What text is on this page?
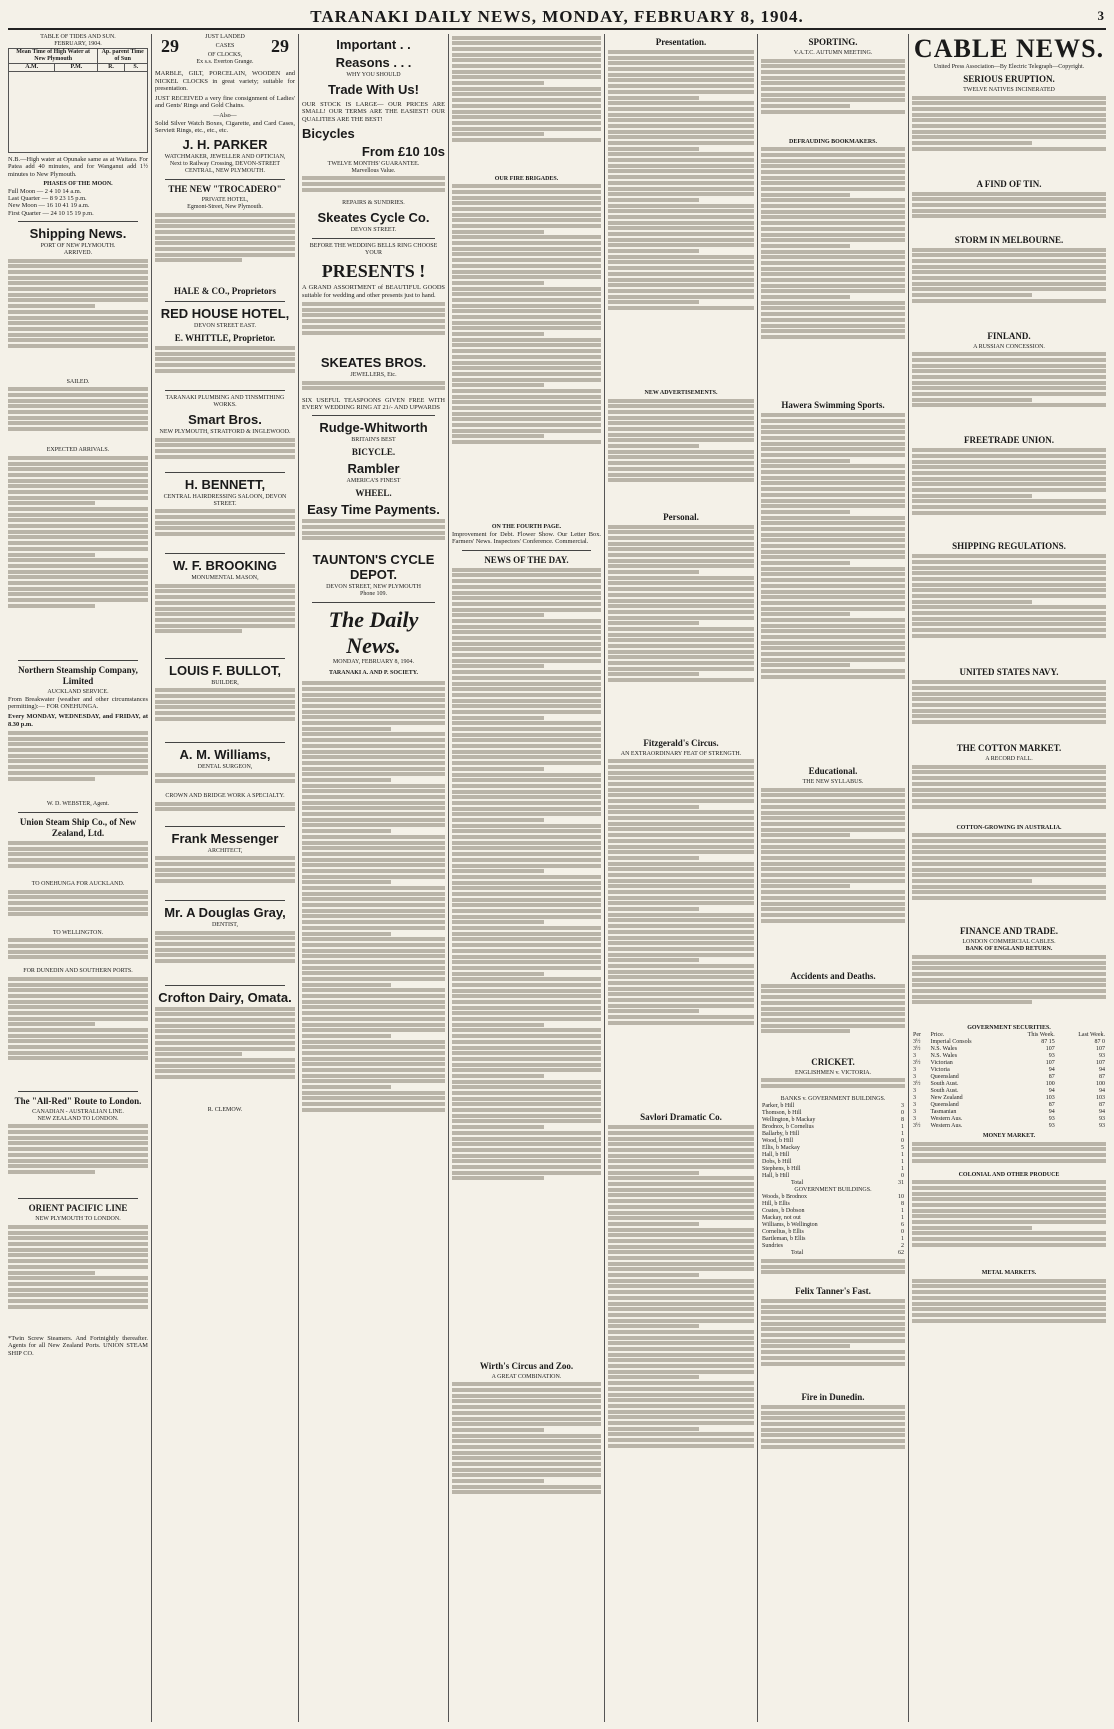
TARANAKI DAILY NEWS, MONDAY, FEBRUARY 8, 1904.	3
TABLE OF TIDES AND SUN.
FEBRUARY, 1904.
Mean Time of High Water at New Plymouth		Ap. parent Time of Sun	
A.M.	P.M.	R.	S.

N.B.—High water at Opunake same as at Waitara. For Patea add 40 minutes, and for Wanganui add 1½ minutes to New Plymouth.
PHASES OF THE MOON.
Full Moon — 2 4 10 14 a.m.
Last Quarter — 8 9 23 15 p.m.
New Moon — 16 10 41 19 a.m.
First Quarter — 24 10 15 19 p.m.
Shipping News.
PORT OF NEW PLYMOUTH.
ARRIVED.
SAILED.
EXPECTED ARRIVALS.
Northern Steamship Company, Limited
AUCKLAND SERVICE.
From Breakwater (weather and other circumstances permitting):— FOR ONEHUNGA.
Every MONDAY, WEDNESDAY, and FRIDAY, at 8.30 p.m.
W. D. WEBSTER, Agent.
Union Steam Ship Co., of New Zealand, Ltd.
TO ONEHUNGA FOR AUCKLAND.
TO WELLINGTON.
FOR DUNEDIN AND SOUTHERN PORTS.
The "All-Red" Route to London.
CANADIAN - AUSTRALIAN LINE.
NEW ZEALAND TO LONDON.
ORIENT PACIFIC LINE
NEW PLYMOUTH TO LONDON.
*Twin Screw Steamers. And Fortnightly thereafter. Agents for all New Zealand Ports. UNION STEAM SHIP CO.
JUST LANDED
29	CASES 29
OF CLOCKS,
Ex s.s. Everton Grange.
MARBLE, GILT, PORCELAIN, WOODEN and NICKEL CLOCKS in great variety; suitable for presentation.
JUST RECEIVED a very fine consignment of Ladies' and Gents' Rings and Gold Chains.
—Also—
Solid Silver Watch Boxes, Cigarette, and Card Cases, Serviett Rings, etc., etc., etc.
J. H. PARKER
WATCHMAKER, JEWELLER AND OPTICIAN,
Next to Railway Crossing, DEVON-STREET CENTRAL, NEW PLYMOUTH.
THE NEW "TROCADERO"
PRIVATE HOTEL,
Egmont-Street, New Plymouth.
HALE & CO., Proprietors
RED HOUSE HOTEL,
DEVON STREET EAST.
E. WHITTLE, Proprietor.
TARANAKI PLUMBING AND TINSMITHING WORKS.
Smart Bros.
NEW PLYMOUTH, STRATFORD & INGLEWOOD.
H. BENNETT,
CENTRAL HAIRDRESSING SALOON, DEVON STREET.
W. F. BROOKING
MONUMENTAL MASON,
LOUIS F. BULLOT,
BUILDER,
A. M. Williams,
DENTAL SURGEON,
CROWN AND BRIDGE WORK A SPECIALTY.
Frank Messenger
ARCHITECT,
Mr. A Douglas Gray,
DENTIST,
Crofton Dairy, Omata.
R. CLEMOW.
Important . .
Reasons . . .
WHY YOU SHOULD
Trade With Us!
OUR STOCK IS LARGE— OUR PRICES ARE SMALL! OUR TERMS ARE THE EASIEST! OUR QUALITIES ARE THE BEST!
Bicycles
From £10 10s
TWELVE MONTHS' GUARANTEE.
Marvellous Value.
REPAIRS & SUNDRIES.
Skeates Cycle Co.
DEVON STREET.
BEFORE THE WEDDING BELLS RING CHOOSE YOUR
PRESENTS !
A GRAND ASSORTMENT of BEAUTIFUL GOODS suitable for wedding and other presents just to hand.
SKEATES BROS.
JEWELLERS, Etc.
SIX USEFUL TEASPOONS GIVEN FREE WITH EVERY WEDDING RING AT 21/- AND UPWARDS
Rudge-Whitworth
BRITAIN'S BEST
BICYCLE.
Rambler
AMERICA'S FINEST
WHEEL.
Easy Time Payments.
TAUNTON'S CYCLE DEPOT.
DEVON STREET, NEW PLYMOUTH
Phone 109.
The Daily News.
MONDAY, FEBRUARY 8, 1904.
TARANAKI A. AND P. SOCIETY.
OUR FIRE BRIGADES.
ON THE FOURTH PAGE.
Improvement for Debt. Flower Show. Our Letter Box. Farmers' News. Inspectors' Conference. Commercial.
NEWS OF THE DAY.
Wirth's Circus and Zoo.
A GREAT COMBINATION.
Presentation.
NEW ADVERTISEMENTS.
Personal.
Fitzgerald's Circus.
AN EXTRAORDINARY FEAT OF STRENGTH.
Savlori Dramatic Co.
SPORTING.
V.A.T.C. AUTUMN MEETING.
DEFRAUDING BOOKMAKERS.
Hawera Swimming Sports.
Educational.
THE NEW SYLLABUS.
Accidents and Deaths.
CRICKET.
ENGLISHMEN v. VICTORIA.
BANKS v. GOVERNMENT BUILDINGS.
Parker, b Hill	3
Thomson, b Hill	0
Wellington, b Mackay	8
Brodnox, b Cornelius	1
Ballarby, b Hill	1
Wood, b Hill	0
Ellis, b Mackay	5
Hall, b Hill	1
Dobs, b Hill	1
Stephens, b Hill	1
Hall, b Hill	0
Total	31
GOVERNMENT BUILDINGS.
Woods, b Brodnox	10
Hill, b Ellis	8
Coates, b Dobson	1
Mackay, not out	1
Williams, b Wellington	6
Cornelius, b Ellis	0
Bartleman, b Ellis	1
Sundries	2
Total	62
Felix Tanner's Fast.
Fire in Dunedin.
CABLE NEWS.
United Press Association—By Electric Telegraph—Copyright.
SERIOUS ERUPTION.
TWELVE NATIVES INCINERATED
A FIND OF TIN.
STORM IN MELBOURNE.
FINLAND.
A RUSSIAN CONCESSION.
FREETRADE UNION.
SHIPPING REGULATIONS.
UNITED STATES NAVY.
THE COTTON MARKET.
A RECORD FALL.
COTTON-GROWING IN AUSTRALIA.
FINANCE AND TRADE.
LONDON COMMERCIAL CABLES.
BANK OF ENGLAND RETURN.
GOVERNMENT SECURITIES.
Per	Price.	This Week.	Last Week.
3½	Imperial Consols	87 15	87 0
3½	N.S. Wales	107	107
3	N.S. Wales	93	93
3½	Victorian	107	107
3	Victoria	94	94
3	Queensland	87	87
3½	South Aust.	100	100
3	South Aust.	94	94
3	New Zealand	103	103
3	Queensland	87	87
3	Tasmanian	94	94
3	Western Aus.	93	93
3½	Western Aus.	93	93
MONEY MARKET.
COLONIAL AND OTHER PRODUCE
METAL MARKETS.
